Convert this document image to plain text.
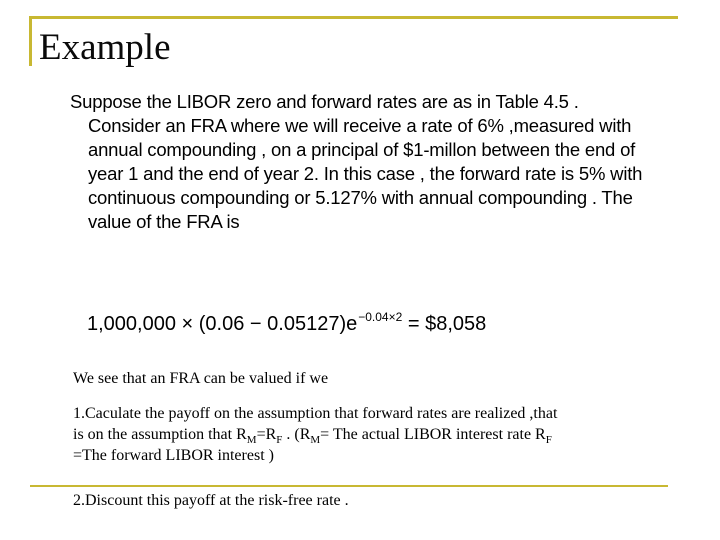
Example
Suppose the LIBOR zero and forward rates are as in Table 4.5 .
Consider an FRA where we will receive a rate of 6% ,measured with
annual compounding , on a principal of $1-millon between the end of
year 1 and the end of year 2. In this case , the forward rate is 5% with
continuous compounding or 5.127% with annual compounding . The
value of the FRA is
$1,000,000 \times (0.06 - 0.05127)e^{-0.04\times 2}$ = $8,058
We see that an FRA can be valued if we
1.Caculate the payoff on the assumption that forward rates are realized ,that
is on the assumption that $R_M=R_F$ . ($R_M=$ The actual LIBOR interest rate $R_F$
=The forward LIBOR interest )
2.Discount this payoff at the risk-free rate .
